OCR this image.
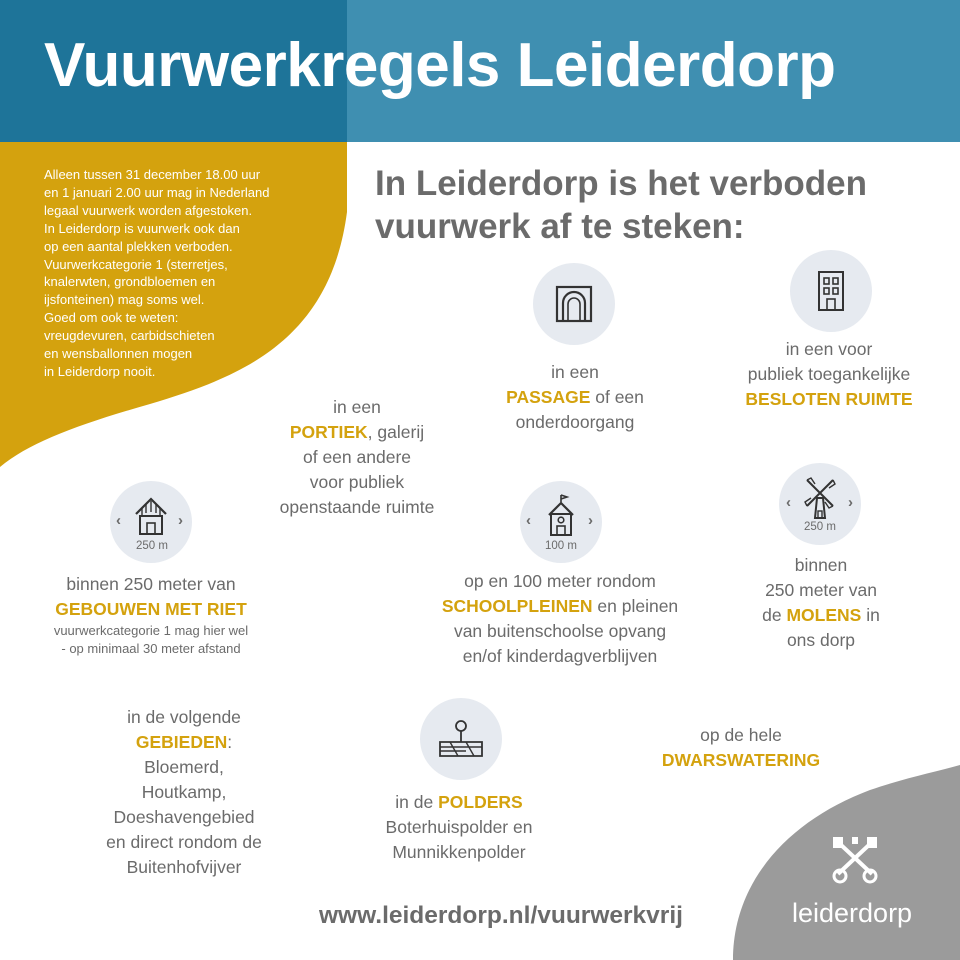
Vuurwerkregels Leiderdorp

Alleen tussen 31 december 18.00 uur
en 1 januari 2.00 uur mag in Nederland
legaal vuurwerk worden afgestoken.
In Leiderdorp is vuurwerk ook dan
op een aantal plekken verboden.
Vuurwerkcategorie 1 (sterretjes,
knalerwten, grondbloemen en
ijsfonteinen) mag soms wel.
Goed om ook te weten:
vreugdevuren, carbidschieten
en wensballonnen mogen
in Leiderdorp nooit.

In Leiderdorp is het verboden vuurwerk af te steken:
in een
PASSAGE of een
onderdoorgang
in een voor
publiek toegankelijke
BESLOTEN RUIMTE
in een
PORTIEK, galerij
of een andere
voor publiek
openstaande ruimte
‹	›
250 m
binnen 250 meter van
GEBOUWEN MET RIET
vuurwerkcategorie 1 mag hier wel
- op minimaal 30 meter afstand
‹	›
100 m
op en 100 meter rondom
SCHOOLPLEINEN en pleinen
van buitenschoolse opvang
en/of kinderdagverblijven
‹	›
250 m
binnen
250 meter van
de MOLENS in
ons dorp
in de volgende
GEBIEDEN:
Bloemerd,
Houtkamp,
Doeshavengebied
en direct rondom de
Buitenhofvijver
in de POLDERS
Boterhuispolder en
Munnikkenpolder
op de hele
DWARSWATERING

www.leiderdorp.nl/vuurwerkvrij	leiderdorp
